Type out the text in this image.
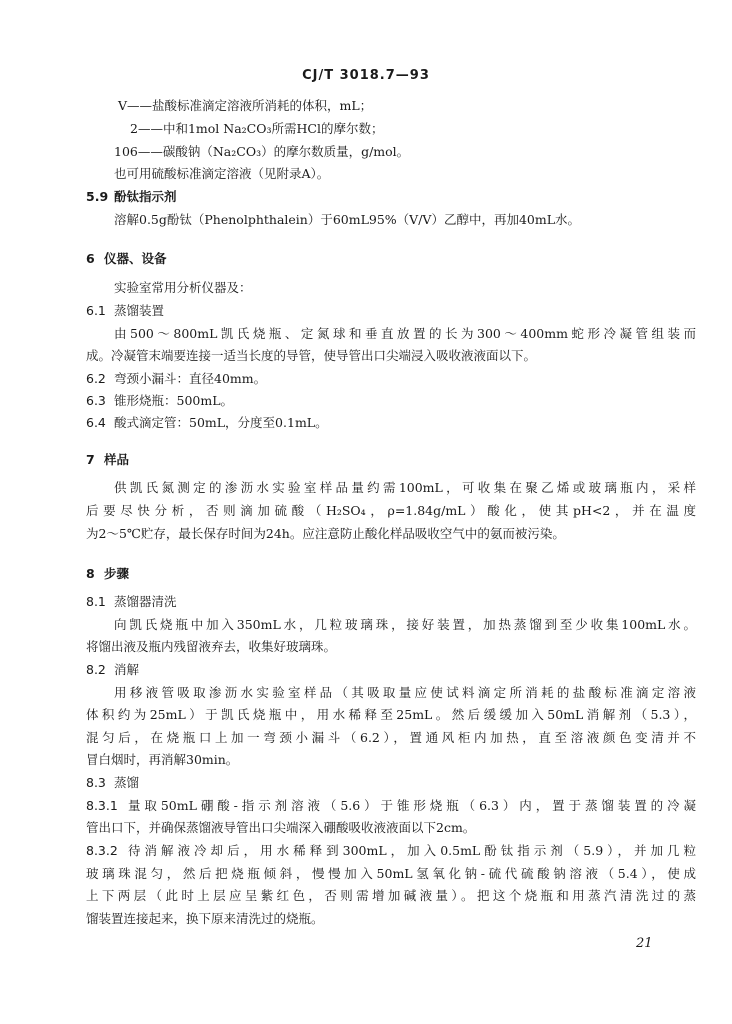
CJ/T 3018.7—93
V——盐酸标准滴定溶液所消耗的体积，mL；
2——中和1mol Na₂CO₃所需HCl的摩尔数；
106——碳酸钠（Na₂CO₃）的摩尔数质量，g/mol。
也可用硫酸标准滴定溶液（见附录A）。
5.9 酚钛指示剂
溶解0.5g酚钛（Phenolphthalein）于60mL95%（V/V）乙醇中，再加40mL水。
6 仪器、设备
实验室常用分析仪器及：
6.1 蒸馏装置
由500～800mL凯氏烧瓶、定氮球和垂直放置的长为300～400mm蛇形冷凝管组装而
成。冷凝管末端要连接一适当长度的导管，使导管出口尖端浸入吸收液液面以下。
6.2 弯颈小漏斗：直径40mm。
6.3 锥形烧瓶：500mL。
6.4 酸式滴定管：50mL，分度至0.1mL。
7 样品
供凯氏氮测定的渗沥水实验室样品量约需100mL，可收集在聚乙烯或玻璃瓶内，采样
后要尽快分析，否则滴加硫酸（H₂SO₄，ρ=1.84g/mL）酸化，使其pH<2，并在温度
为2～5℃贮存，最长保存时间为24h。应注意防止酸化样品吸收空气中的氨而被污染。
8 步骤
8.1 蒸馏器清洗
向凯氏烧瓶中加入350mL水，几粒玻璃珠，接好装置，加热蒸馏到至少收集100mL水。
将馏出液及瓶内残留液弃去，收集好玻璃珠。
8.2 消解
用移液管吸取渗沥水实验室样品（其吸取量应使试料滴定所消耗的盐酸标准滴定溶液
体积约为25mL）于凯氏烧瓶中，用水稀释至25mL。然后缓缓加入50mL消解剂（5.3），
混匀后，在烧瓶口上加一弯颈小漏斗（6.2），置通风柜内加热，直至溶液颜色变清并不
冒白烟时，再消解30min。
8.3 蒸馏
8.3.1 量取50mL硼酸-指示剂溶液（5.6）于锥形烧瓶（6.3）内，置于蒸馏装置的冷凝
管出口下，并确保蒸馏液导管出口尖端深入硼酸吸收液液面以下2cm。
8.3.2 待消解液冷却后，用水稀释到300mL，加入0.5mL酚钛指示剂（5.9），并加几粒
玻璃珠混匀，然后把烧瓶倾斜，慢慢加入50mL氢氧化钠-硫代硫酸钠溶液（5.4），使成
上下两层（此时上层应呈紫红色，否则需增加碱液量）。把这个烧瓶和用蒸汽清洗过的蒸
馏装置连接起来，换下原来清洗过的烧瓶。
21
